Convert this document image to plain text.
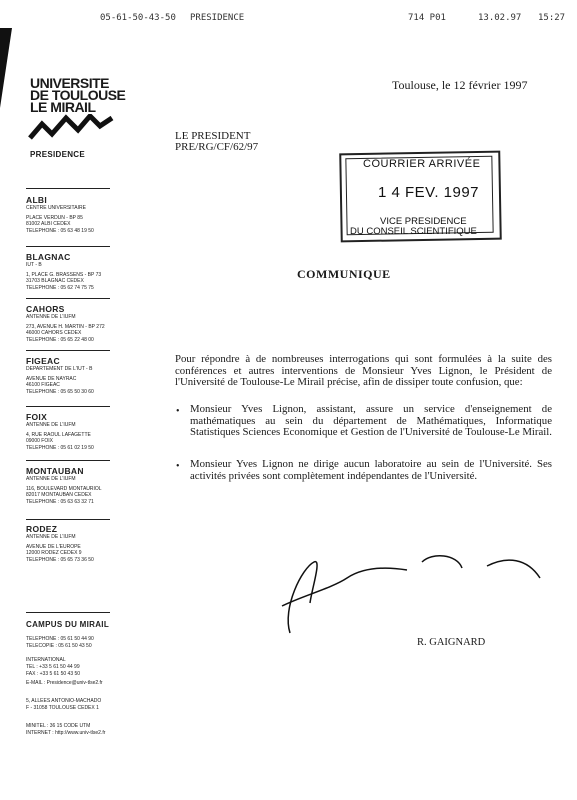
05-61-50-43-50 PRESIDENCE	714 P01	13.02.97 15:27
UNIVERSITE
DE TOULOUSE
LE MIRAIL
PRESIDENCE
ALBI
CENTRE UNIVERSITAIRE
PLACE VERDUN - BP 85
81002 ALBI CEDEX
TELEPHONE : 05 63 48 19 50
BLAGNAC
IUT - B
1, PLACE G. BRASSENS - BP 73
31703 BLAGNAC CEDEX
TELEPHONE : 05 62 74 75 75
CAHORS
ANTENNE DE L'IUFM
273, AVENUE H. MARTIN - BP 272
46000 CAHORS CEDEX
TELEPHONE : 05 65 22 48 00
FIGEAC
DEPARTEMENT DE L'IUT - B
AVENUE DE NAYRAC
46100 FIGEAC
TELEPHONE : 05 65 50 30 60
FOIX
ANTENNE DE L'IUFM
4, RUE RAOUL LAFAGETTE
09000 FOIX
TELEPHONE : 05 61 02 19 50
MONTAUBAN
ANTENNE DE L'IUFM
116, BOULEVARD MONTAURIOL
82017 MONTAUBAN CEDEX
TELEPHONE : 05 63 63 32 71
RODEZ
ANTENNE DE L'IUFM
AVENUE DE L'EUROPE
12000 RODEZ CEDEX 9
TELEPHONE : 05 65 73 36 50
CAMPUS DU MIRAIL
TELEPHONE : 05 61 50 44 90
TELECOPIE : 05 61 50 43 50
INTERNATIONAL
TEL : +33 5 61 50 44 99
FAX : +33 5 61 50 43 50
E-MAIL : Presidence@univ-tlse2.fr
5, ALLEES ANTONIO-MACHADO
F - 31058 TOULOUSE CEDEX 1
MINITEL : 36 15 CODE UTM
INTERNET : http://www.univ-tlse2.fr
Toulouse, le 12 février 1997
LE PRESIDENT
PRE/RG/CF/62/97
COURRIER ARRIVÉE
1 4 FEV. 1997
VICE PRESIDENCE
DU CONSEIL SCIENTIFIQUE
COMMUNIQUE
Pour répondre à de nombreuses interrogations qui sont formulées à la suite des conférences et autres interventions de Monsieur Yves Lignon, le Président de l'Université de Toulouse-Le Mirail précise, afin de dissiper toute confusion, que:
• Monsieur Yves Lignon, assistant, assure un service d'enseignement de mathématiques au sein du département de Mathématiques, Informatique Statistiques Sciences Economique et Gestion de l'Université de Toulouse-Le Mirail.
• Monsieur Yves Lignon ne dirige aucun laboratoire au sein de l'Université. Ses activités privées sont complètement indépendantes de l'Université.
R. GAIGNARD
